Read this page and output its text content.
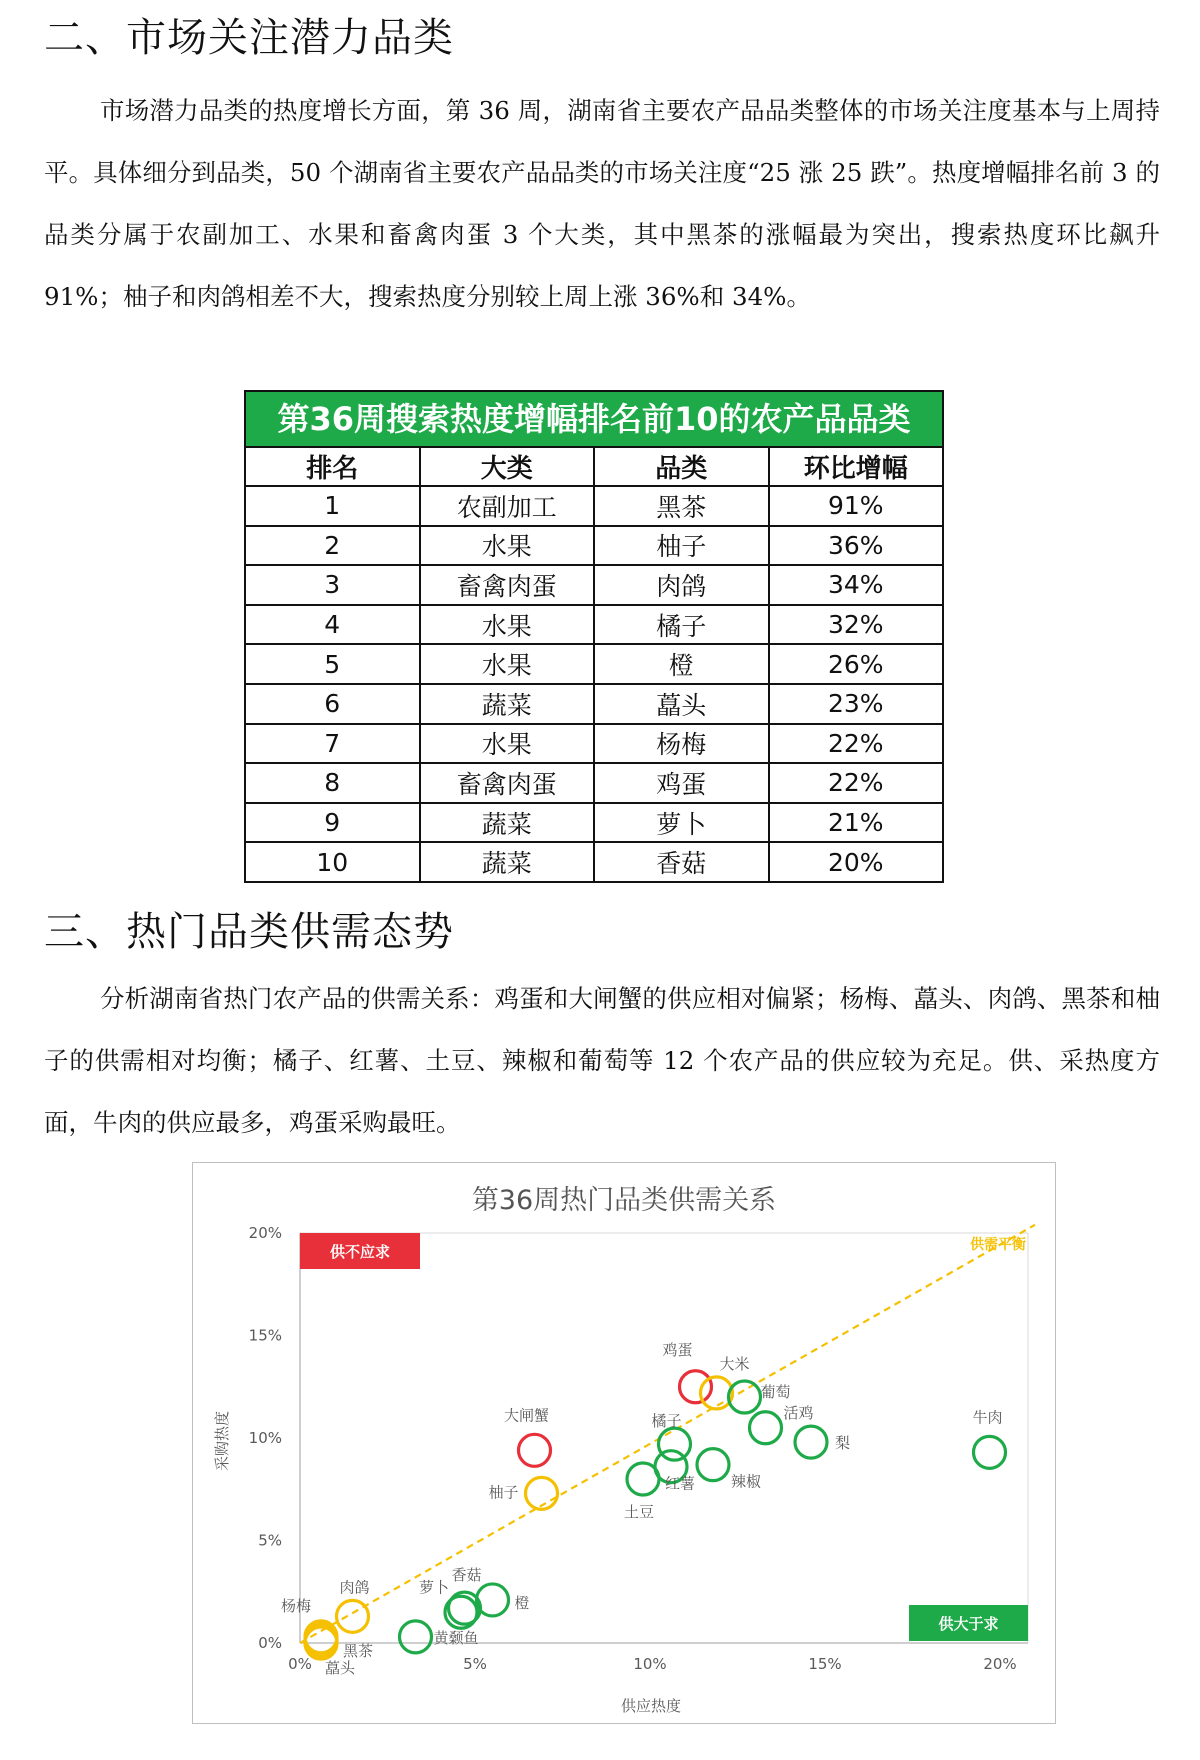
二、市场关注潜力品类

市场潜力品类的热度增长方面，第 36 周，湖南省主要农产品品类整体的市场关注度基本与上周持平。具体细分到品类，50 个湖南省主要农产品品类的市场关注度“25 涨 25 跌”。热度增幅排名前 3 的品类分属于农副加工、水果和畜禽肉蛋 3 个大类，其中黑茶的涨幅最为突出，搜索热度环比飙升 91%；柚子和肉鸽相差不大，搜索热度分别较上周上涨 36%和 34%。

第36周搜索热度增幅排名前10的农产品品类
排名	大类	品类	环比增幅
1	农副加工	黑茶	91%
2	水果	柚子	36%
3	畜禽肉蛋	肉鸽	34%
4	水果	橘子	32%
5	水果	橙	26%
6	蔬菜	藠头	23%
7	水果	杨梅	22%
8	畜禽肉蛋	鸡蛋	22%
9	蔬菜	萝卜	21%
10	蔬菜	香菇	20%
三、热门品类供需态势

分析湖南省热门农产品的供需关系：鸡蛋和大闸蟹的供应相对偏紧；杨梅、藠头、肉鸽、黑茶和柚子的供需相对均衡；橘子、红薯、土豆、辣椒和葡萄等 12 个农产品的供应较为充足。供、采热度方面，牛肉的供应最多，鸡蛋采购最旺。

第36周热门品类供需关系
0%	5%	10%	15%	20%
0%
5%
10%
15%
20%
供应热度
采购热度
供需平衡
供不应求
供大于求
鸡蛋
大闸蟹
大米
柚子
肉鸽
杨梅
藠头
黑茶
葡萄
活鸡
梨
牛肉
橘子
辣椒
红薯
土豆
萝卜
香菇
橙
黄颡鱼
